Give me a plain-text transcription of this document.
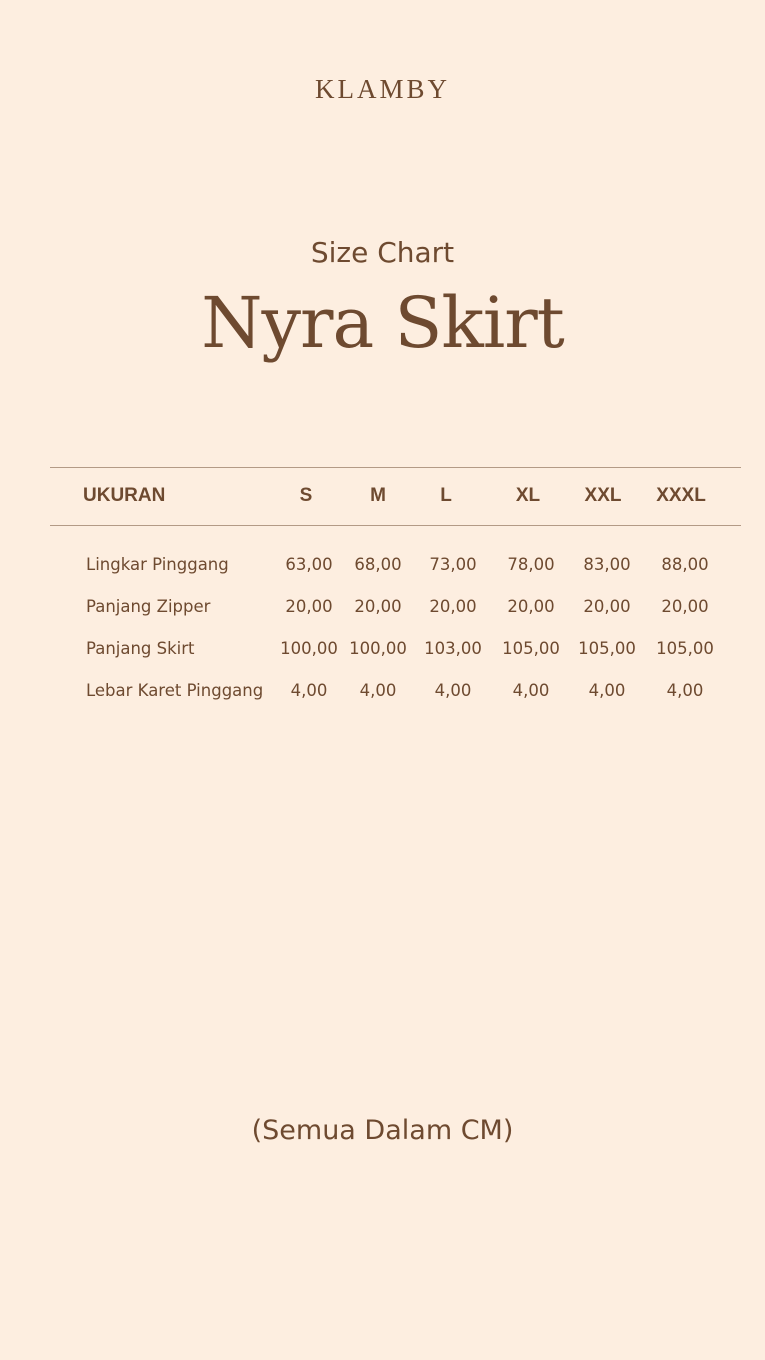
KLAMBY
Size Chart
Nyra Skirt
UKURAN	S	M	L	XL XXL XXXL
Lingkar Pinggang	63,00 68,00 73,00 78,00 83,00 88,00
Panjang Zipper	20,00 20,00 20,00 20,00 20,00 20,00
Panjang Skirt	100,00 100,00 103,00 105,00 105,00 105,00
Lebar Karet Pinggang 4,00 4,00 4,00	4,00 4,00	4,00
(Semua Dalam CM)
